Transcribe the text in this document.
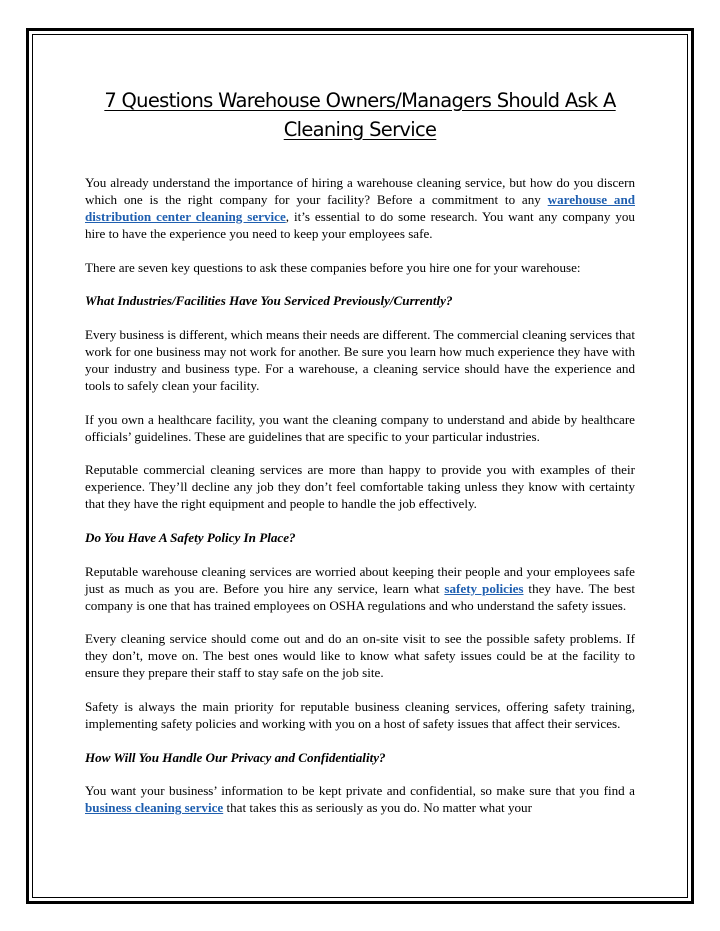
7 Questions Warehouse Owners/Managers Should Ask A
Cleaning Service

You already understand the importance of hiring a warehouse cleaning service, but how do you discern which one is the right company for your facility? Before a commitment to any warehouse and distribution center cleaning service, it’s essential to do some research. You want any company you hire to have the experience you need to keep your employees safe.

There are seven key questions to ask these companies before you hire one for your warehouse:

What Industries/Facilities Have You Serviced Previously/Currently?

Every business is different, which means their needs are different. The commercial cleaning services that work for one business may not work for another. Be sure you learn how much experience they have with your industry and business type. For a warehouse, a cleaning service should have the experience and tools to safely clean your facility.

If you own a healthcare facility, you want the cleaning company to understand and abide by healthcare officials’ guidelines. These are guidelines that are specific to your particular industries.

Reputable commercial cleaning services are more than happy to provide you with examples of their experience. They’ll decline any job they don’t feel comfortable taking unless they know with certainty that they have the right equipment and people to handle the job effectively.

Do You Have A Safety Policy In Place?

Reputable warehouse cleaning services are worried about keeping their people and your employees safe just as much as you are. Before you hire any service, learn what safety policies they have. The best company is one that has trained employees on OSHA regulations and who understand the safety issues.

Every cleaning service should come out and do an on-site visit to see the possible safety problems. If they don’t, move on. The best ones would like to know what safety issues could be at the facility to ensure they prepare their staff to stay safe on the job site.

Safety is always the main priority for reputable business cleaning services, offering safety training, implementing safety policies and working with you on a host of safety issues that affect their services.

How Will You Handle Our Privacy and Confidentiality?

You want your business’ information to be kept private and confidential, so make sure that you find a business cleaning service that takes this as seriously as you do. No matter what your
